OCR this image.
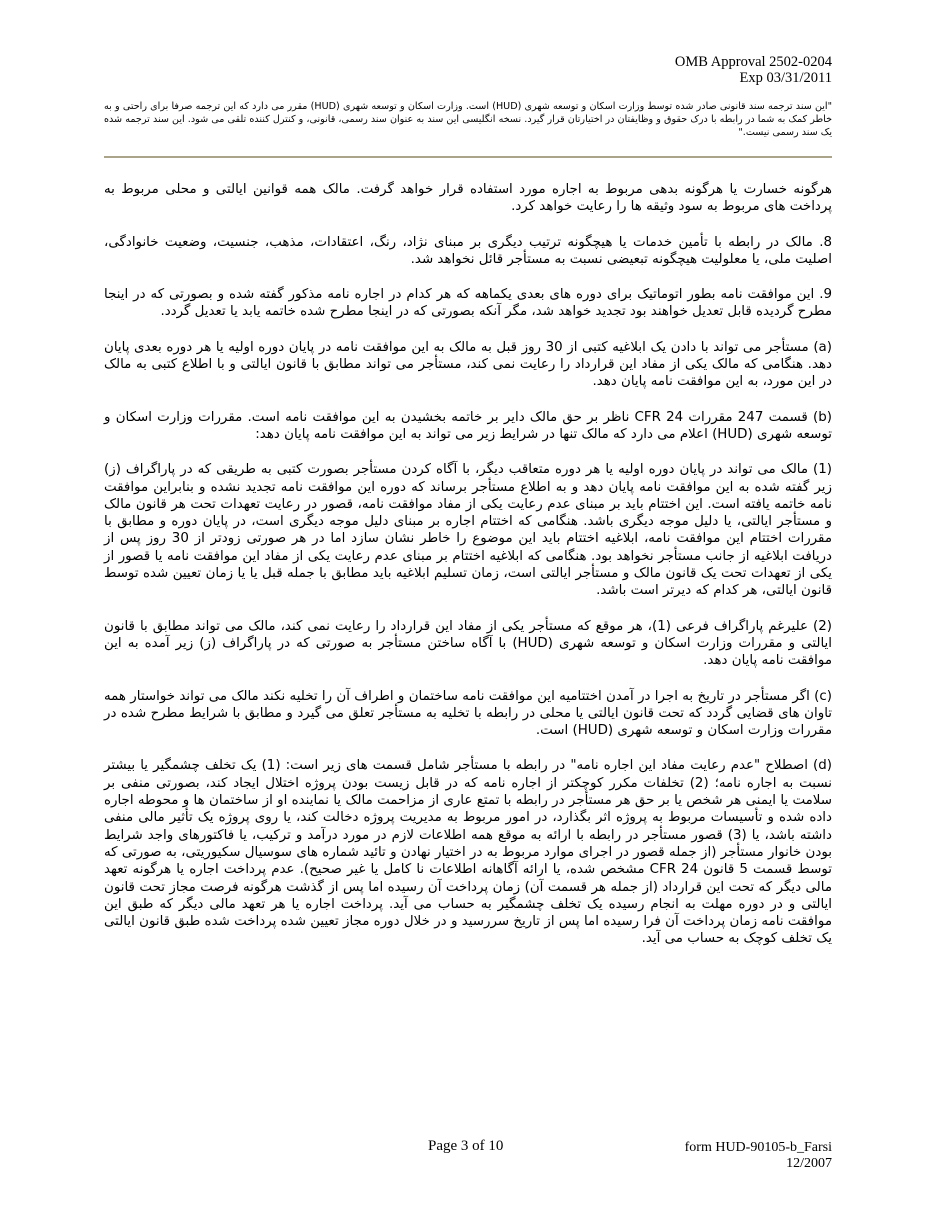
OMB Approval 2502-0204
Exp 03/31/2011
"این سند ترجمه سند قانونی صادر شده توسط وزارت اسکان و توسعه شهری (HUD) است. وزارت اسکان و توسعه شهری (HUD) مقرر می دارد که این ترجمه صرفا برای راحتی و به خاطر کمک به شما در رابطه با درک حقوق و وظایفتان در اختیارتان قرار گیرد. نسخه انگلیسی این سند به عنوان سند رسمی، قانونی، و کنترل کننده تلقی می شود. این سند ترجمه شده یک سند رسمی نیست."

هرگونه خسارت یا هرگونه بدهی مربوط به اجاره مورد استفاده قرار خواهد گرفت. مالک همه قوانین ایالتی و محلی مربوط به پرداخت های مربوط به سود وثیقه ها را رعایت خواهد کرد.

8. مالک در رابطه با تأمین خدمات یا هیچگونه ترتیب دیگری بر مبنای نژاد، رنگ، اعتقادات، مذهب، جنسیت، وضعیت خانوادگی، اصلیت ملی، یا معلولیت هیچگونه تبعیضی نسبت به مستأجر قائل نخواهد شد.

9. این موافقت نامه بطور اتوماتیک برای دوره های بعدی یکماهه که هر کدام در اجاره نامه مذکور گفته شده و بصورتی که در اینجا مطرح گردیده قابل تعدیل خواهند بود تجدید خواهد شد، مگر آنکه بصورتی که در اینجا مطرح شده خاتمه یابد یا تعدیل گردد.

(a) مستأجر می تواند با دادن یک ابلاغیه کتبی از 30 روز قبل به مالک به این موافقت نامه در پایان دوره اولیه یا هر دوره بعدی پایان دهد. هنگامی که مالک یکی از مفاد این قرارداد را رعایت نمی کند، مستأجر می تواند مطابق با قانون ایالتی و با اطلاع کتبی به مالک در این مورد، به این موافقت نامه پایان دهد.

(b) قسمت 247 مقررات 24 CFR ناظر بر حق مالک دایر بر خاتمه بخشیدن به این موافقت نامه است. مقررات وزارت اسکان و توسعه شهری (HUD) اعلام می دارد که مالک تنها در شرایط زیر می تواند به این موافقت نامه پایان دهد:

(1) مالک می تواند در پایان دوره اولیه یا هر دوره متعاقب دیگر، با آگاه کردن مستأجر بصورت کتبی به طریقی که در پاراگراف (ز) زیر گفته شده به این موافقت نامه پایان دهد و به اطلاع مستأجر برساند که دوره این موافقت نامه تجدید نشده و بنابراین موافقت نامه خاتمه یافته است. این اختتام باید بر مبنای عدم رعایت یکی از مفاد موافقت نامه، قصور در رعایت تعهدات تحت هر قانون مالک و مستأجر ایالتی، یا دلیل موجه دیگری باشد. هنگامی که اختتام اجاره بر مبنای دلیل موجه دیگری است، در پایان دوره و مطابق با مقررات اختتام این موافقت نامه، ابلاغیه اختتام باید این موضوع را خاطر نشان سازد اما در هر صورتی زودتر از 30 روز پس از دریافت ابلاغیه از جانب مستأجر نخواهد بود. هنگامی که ابلاغیه اختتام بر مبنای عدم رعایت یکی از مفاد این موافقت نامه یا قصور از یکی از تعهدات تحت یک قانون مالک و مستأجر ایالتی است، زمان تسلیم ابلاغیه باید مطابق با جمله قبل یا یا زمان تعیین شده توسط قانون ایالتی، هر کدام که دیرتر است باشد.

(2) علیرغم پاراگراف فرعی (1)، هر موقع که مستأجر یکی از مفاد این قرارداد را رعایت نمی کند، مالک می تواند مطابق با قانون ایالتی و مقررات وزارت اسکان و توسعه شهری (HUD) با آگاه ساختن مستأجر به صورتی که در پاراگراف (ز) زیر آمده به این موافقت نامه پایان دهد.

(c) اگر مستأجر در تاریخ به اجرا در آمدن اختتامیه این موافقت نامه ساختمان و اطراف آن را تخلیه نکند مالک می تواند خواستار همه تاوان های قضایی گردد که تحت قانون ایالتی یا محلی در رابطه با تخلیه به مستأجر تعلق می گیرد و مطابق با شرایط مطرح شده در مقررات وزارت اسکان و توسعه شهری (HUD) است.

(d) اصطلاح "عدم رعایت مفاد این اجاره نامه" در رابطه با مستأجر شامل قسمت های زیر است: (1) یک تخلف چشمگیر یا بیشتر نسبت به اجاره نامه؛ (2) تخلفات مکرر کوچکتر از اجاره نامه که در قابل زیست بودن پروژه اختلال ایجاد کند، بصورتی منفی بر سلامت یا ایمنی هر شخص یا بر حق هر مستأجر در رابطه با تمتع عاری از مزاحمت مالک یا نماینده او از ساختمان ها و محوطه اجاره داده شده و تأسیسات مربوط به پروژه اثر بگذارد، در امور مربوط به مدیریت پروژه دخالت کند، یا روی پروژه یک تأثیر مالی منفی داشته باشد، یا (3) قصور مستأجر در رابطه با ارائه به موقع همه اطلاعات لازم در مورد درآمد و ترکیب، یا فاکتورهای واجد شرایط بودن خانوار مستأجر (از جمله قصور در اجرای موارد مربوط به در اختیار نهادن و تائید شماره های سوسیال سکیوریتی، به صورتی که توسط قسمت 5 قانون 24 CFR مشخص شده، یا ارائه آگاهانه اطلاعات نا کامل یا غیر صحیح). عدم پرداخت اجاره یا هرگونه تعهد مالی دیگر که تحت این قرارداد (از جمله هر قسمت آن) زمان پرداخت آن رسیده اما پس از گذشت هرگونه فرصت مجاز تحت قانون ایالتی و در دوره مهلت به انجام رسیده یک تخلف چشمگیر به حساب می آید. پرداخت اجاره یا هر تعهد مالی دیگر که طبق این موافقت نامه زمان پرداخت آن فرا رسیده اما پس از تاریخ سررسید و در خلال دوره مجاز تعیین شده پرداخت شده طبق قانون ایالتی یک تخلف کوچک به حساب می آید.

Page 3 of 10	form HUD-90105-b_Farsi
12/2007
